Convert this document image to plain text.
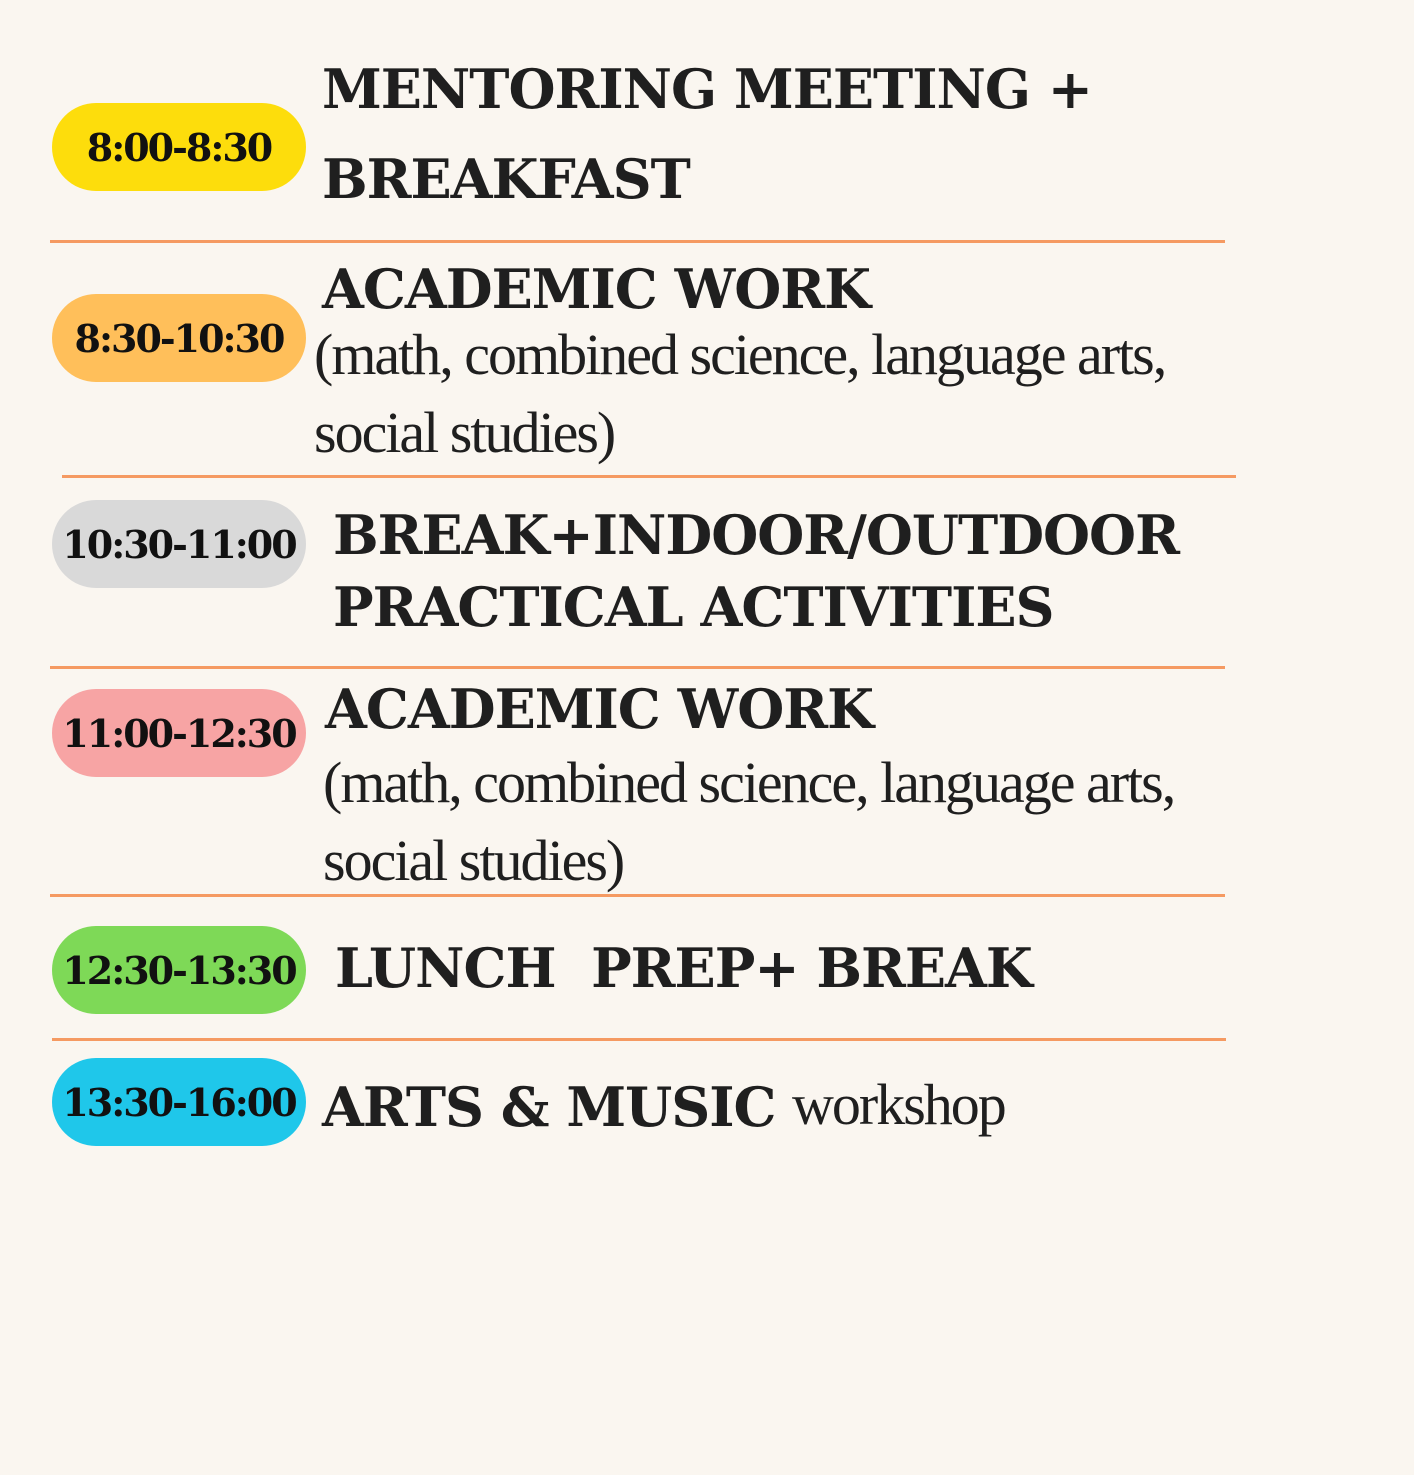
8:00-8:30
MENTORING MEETING +
BREAKFAST
8:30-10:30
ACADEMIC WORK
(math, combined science, language arts,
social studies)
10:30-11:00 BREAK+INDOOR/OUTDOOR
PRACTICAL ACTIVITIES
11:00-12:30 ACADEMIC WORK
(math, combined science, language arts,
social studies)
12:30-13:30 LUNCH  PREP+ BREAK
13:30-16:00 ARTS & MUSIC workshop
